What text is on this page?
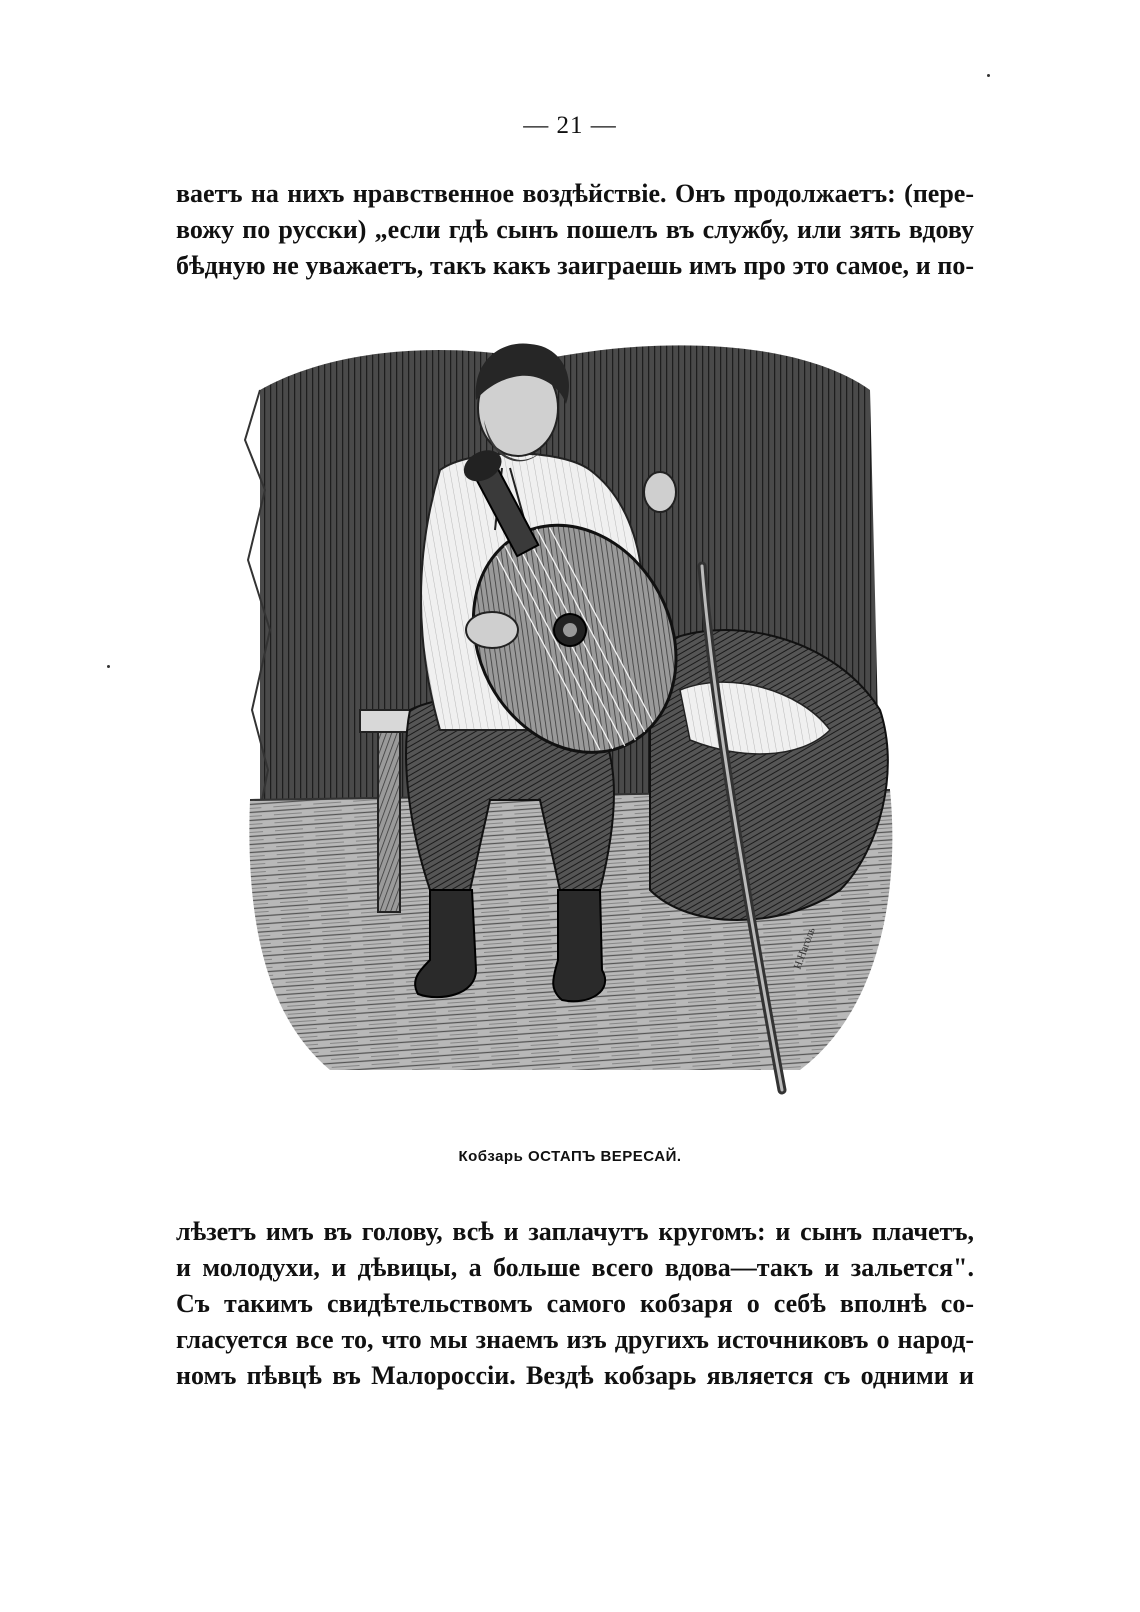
— 21 —
ваетъ на нихъ нравственное воздѣйствіе. Онъ продолжаетъ: (пере-
вожу по русски) „если гдѣ сынъ пошелъ въ службу, или зять вдову
бѣдную не уважаетъ, такъ какъ заиграешь имъ про это самое, и по-
Н.Наголь
Кобзарь ОСТАПЪ ВЕРЕСАЙ.
лѣзетъ имъ въ голову, всѣ и заплачутъ кругомъ: и сынъ плачетъ,
и молодухи, и дѣвицы, а больше всего вдова—такъ и зальется".
Съ такимъ свидѣтельствомъ самого кобзаря о себѣ вполнѣ со-
гласуется все то, что мы знаемъ изъ другихъ источниковъ о народ-
номъ пѣвцѣ въ Малороссіи. Вездѣ кобзарь является съ одними и
